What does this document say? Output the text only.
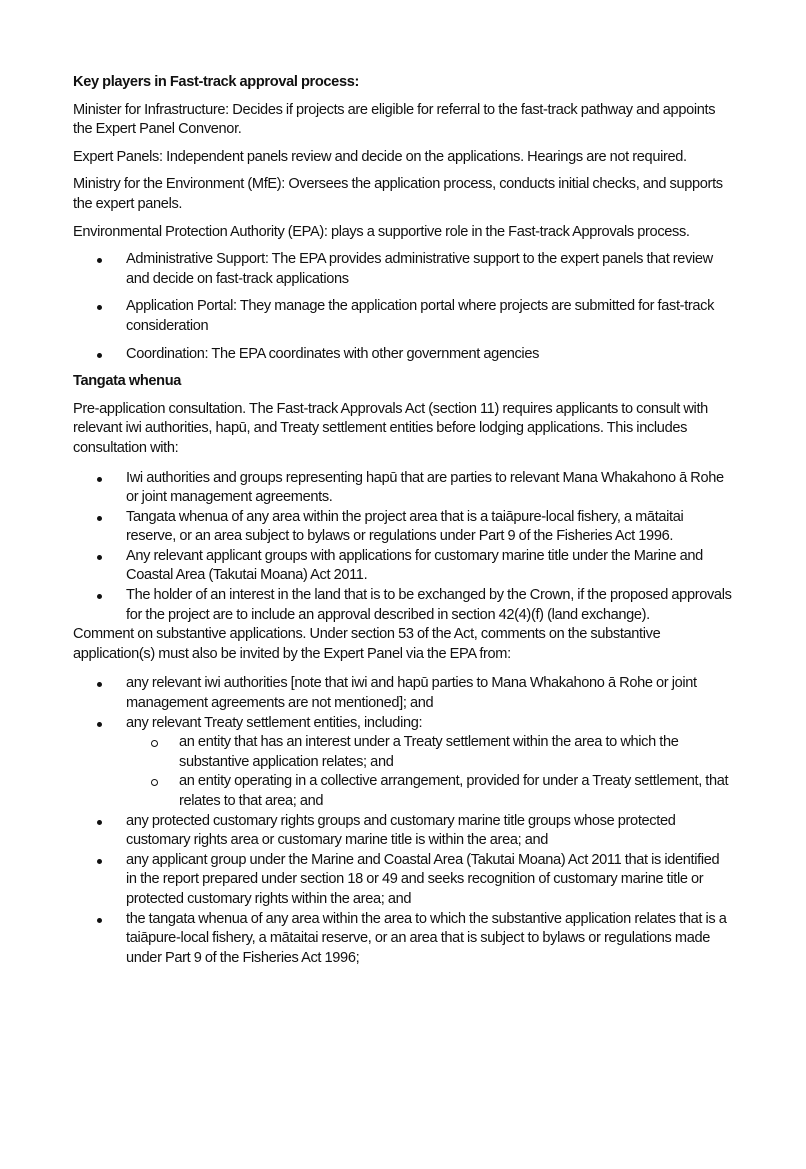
Key players in Fast-track approval process:

Minister for Infrastructure: Decides if projects are eligible for referral to the fast-track pathway and appoints the Expert Panel Convenor.

Expert Panels: Independent panels review and decide on the applications. Hearings are not required.

Ministry for the Environment (MfE): Oversees the application process, conducts initial checks, and supports the expert panels.

Environmental Protection Authority (EPA): plays a supportive role in the Fast-track Approvals process.

Administrative Support: The EPA provides administrative support to the expert panels that review and decide on fast-track applications
Application Portal: They manage the application portal where projects are submitted for fast-track consideration
Coordination: The EPA coordinates with other government agencies
Tangata whenua

Pre-application consultation. The Fast-track Approvals Act (section 11) requires applicants to consult with relevant iwi authorities, hapū, and Treaty settlement entities before lodging applications. This includes consultation with:

Iwi authorities and groups representing hapū that are parties to relevant Mana Whakahono ā Rohe or joint management agreements.
Tangata whenua of any area within the project area that is a taiāpure-local fishery, a mātaitai reserve, or an area subject to bylaws or regulations under Part 9 of the Fisheries Act 1996.
Any relevant applicant groups with applications for customary marine title under the Marine and Coastal Area (Takutai Moana) Act 2011.
The holder of an interest in the land that is to be exchanged by the Crown, if the proposed approvals for the project are to include an approval described in section 42(4)(f) (land exchange).

Comment on substantive applications. Under section 53 of the Act, comments on the substantive application(s) must also be invited by the Expert Panel via the EPA from:

any relevant iwi authorities [note that iwi and hapū parties to Mana Whakahono ā Rohe or joint management agreements are not mentioned]; and
any relevant Treaty settlement entities, including:
an entity that has an interest under a Treaty settlement within the area to which the substantive application relates; and
an entity operating in a collective arrangement, provided for under a Treaty settlement, that relates to that area; and
any protected customary rights groups and customary marine title groups whose protected customary rights area or customary marine title is within the area; and
any applicant group under the Marine and Coastal Area (Takutai Moana) Act 2011 that is identified in the report prepared under section 18 or 49 and seeks recognition of customary marine title or protected customary rights within the area; and
the tangata whenua of any area within the area to which the substantive application relates that is a taiāpure-local fishery, a mātaitai reserve, or an area that is subject to bylaws or regulations made under Part 9 of the Fisheries Act 1996;
